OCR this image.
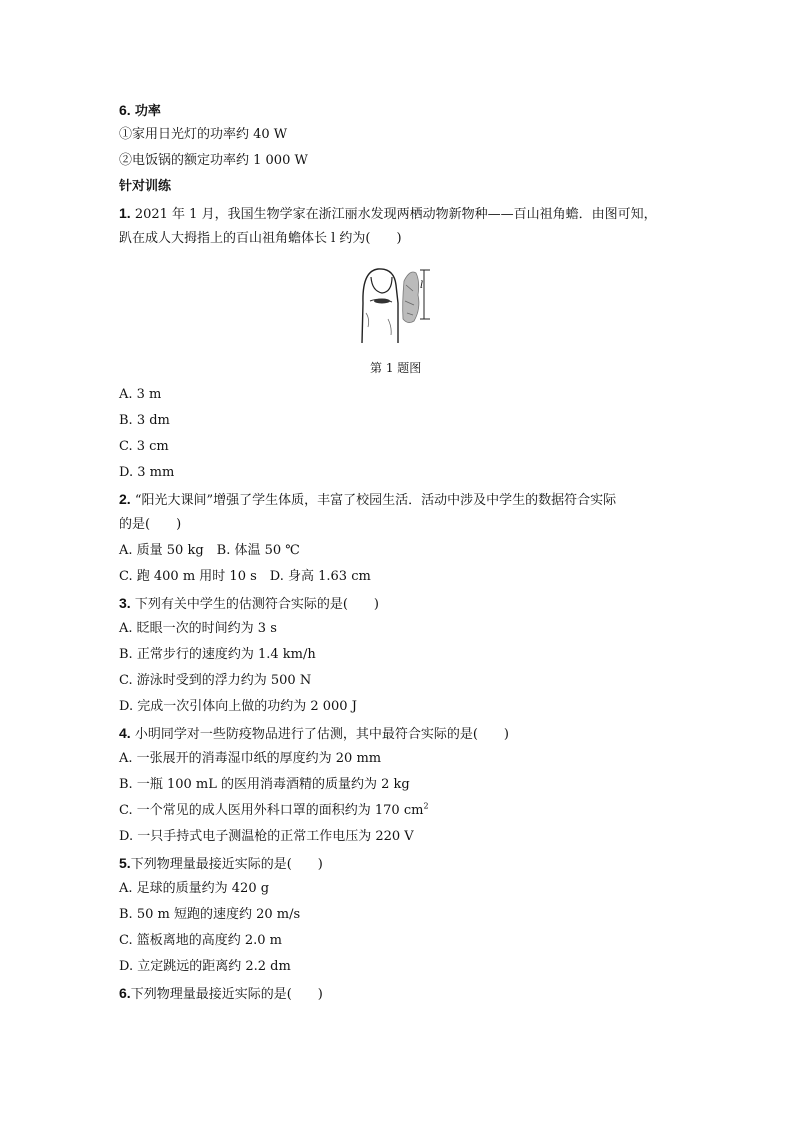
6. 功率
①家用日光灯的功率约 40 W
②电饭锅的额定功率约 1 000 W
针对训练
1. 2021 年 1 月，我国生物学家在浙江丽水发现两栖动物新物种——百山祖角蟾．由图可知，
趴在成人大拇指上的百山祖角蟾体长 l 约为(　　)
l
第 1 题图
A. 3 m
B. 3 dm
C. 3 cm
D. 3 mm
2. “阳光大课间”增强了学生体质，丰富了校园生活．活动中涉及中学生的数据符合实际
的是(　　)
A. 质量 50 kg　B. 体温 50 ℃
C. 跑 400 m 用时 10 s　D. 身高 1.63 cm
3. 下列有关中学生的估测符合实际的是(　　)
A. 眨眼一次的时间约为 3 s
B. 正常步行的速度约为 1.4 km/h
C. 游泳时受到的浮力约为 500 N
D. 完成一次引体向上做的功约为 2 000 J
4. 小明同学对一些防疫物品进行了估测，其中最符合实际的是(　　)
A. 一张展开的消毒湿巾纸的厚度约为 20 mm
B. 一瓶 100 mL 的医用消毒酒精的质量约为 2 kg
C. 一个常见的成人医用外科口罩的面积约为 170 $cm^2$
D. 一只手持式电子测温枪的正常工作电压为 220 V
5.下列物理量最接近实际的是(　　)
A. 足球的质量约为 420 g
B. 50 m 短跑的速度约 20 m/s
C. 篮板离地的高度约 2.0 m
D. 立定跳远的距离约 2.2 dm
6.下列物理量最接近实际的是(　　)
